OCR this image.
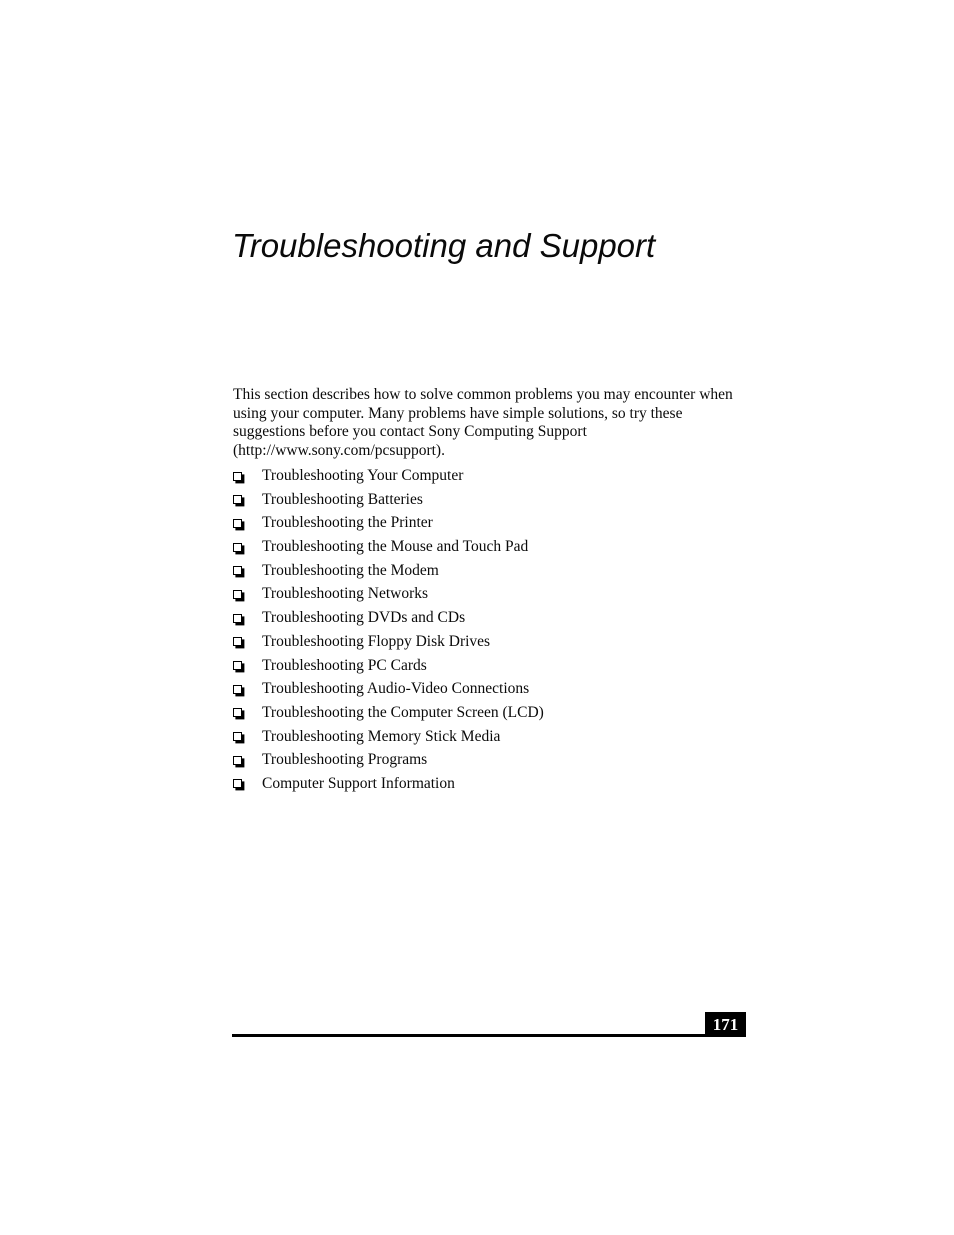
Troubleshooting and Support
This section describes how to solve common problems you may encounter when
using your computer. Many problems have simple solutions, so try these
suggestions before you contact Sony Computing Support
(http://www.sony.com/pcsupport).
Troubleshooting Your Computer
Troubleshooting Batteries
Troubleshooting the Printer
Troubleshooting the Mouse and Touch Pad
Troubleshooting the Modem
Troubleshooting Networks
Troubleshooting DVDs and CDs
Troubleshooting Floppy Disk Drives
Troubleshooting PC Cards
Troubleshooting Audio-Video Connections
Troubleshooting the Computer Screen (LCD)
Troubleshooting Memory Stick Media
Troubleshooting Programs
Computer Support Information
171
